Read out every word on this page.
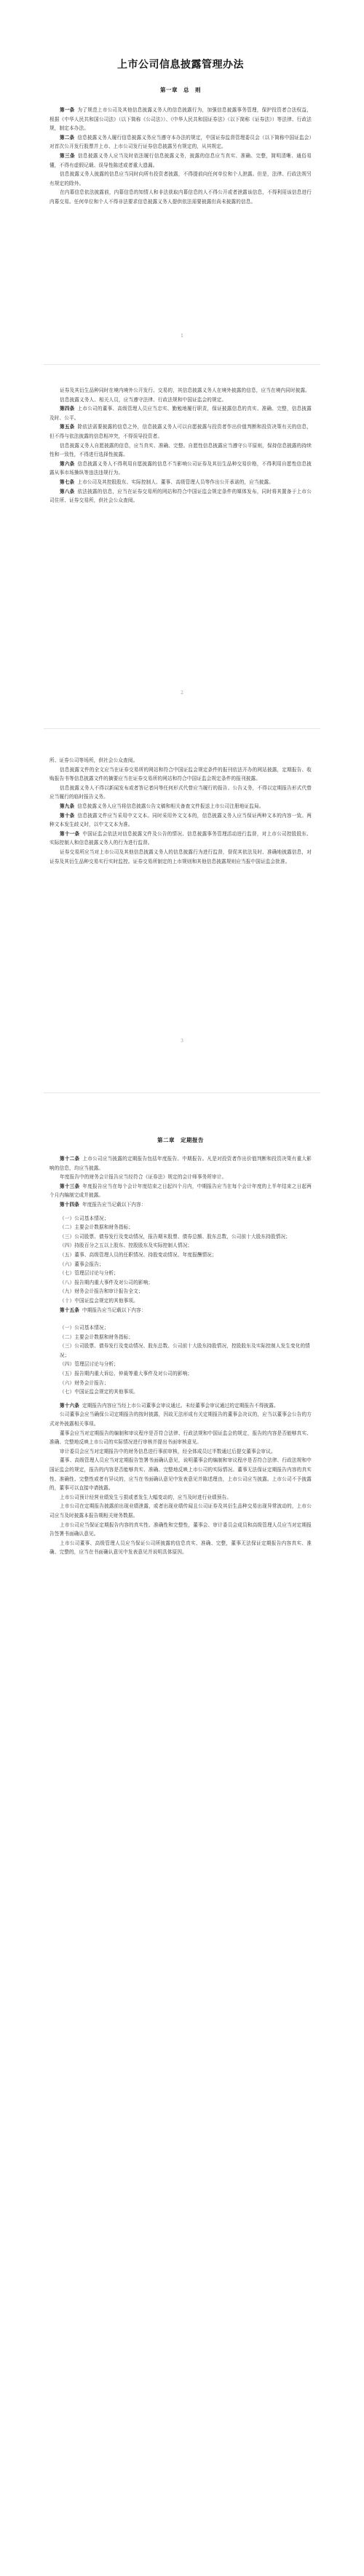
上市公司信息披露管理办法
第一章　总　则

第一条 为了规范上市公司及其他信息披露义务人的信息披露行为，加强信息披露事务管理，保护投资者合法权益，根据《中华人民共和国公司法》（以下简称《公司法》）、《中华人民共和国证券法》（以下简称《证券法》）等法律、行政法规，制定本办法。

第二条 信息披露义务人履行信息披露义务应当遵守本办法的规定，中国证券监督管理委员会（以下简称中国证监会）对首次公开发行股票并上市、上市公司发行证券信息披露另有规定的，从其规定。

第三条 信息披露义务人应当及时依法履行信息披露义务，披露的信息应当真实、准确、完整，简明清晰、通俗易懂，不得有虚假记载、误导性陈述或者重大遗漏。

信息披露义务人披露的信息应当同时向所有投资者披露，不得提前向任何单位和个人泄露。但是，法律、行政法规另有规定的除外。

在内幕信息依法披露前，内幕信息的知情人和非法获取内幕信息的人不得公开或者泄露该信息，不得利用该信息进行内幕交易。任何单位和个人不得非法要求信息披露义务人提供依法需要披露但尚未披露的信息。

1

证券及其衍生品种同时在境内境外公开发行、交易的，其信息披露义务人在境外披露的信息，应当在境内同时披露。

信息披露义务人、相关人员，应当遵守法律、行政法规和中国证监会的规定。

第四条 上市公司的董事、高级管理人员应当忠实、勤勉地履行职责，保证披露信息的真实、准确、完整，信息披露及时、公平。

第五条 除依法需要披露的信息之外，信息披露义务人可以自愿披露与投资者作出价值判断和投资决策有关的信息，但不得与依法披露的信息相冲突，不得误导投资者。

信息披露义务人自愿披露的信息，应当真实、准确、完整。自愿性信息披露应当遵守公平原则，保持信息披露的持续性和一致性，不得进行选择性披露。

第六条 信息披露义务人不得利用自愿披露的信息不当影响公司证券及其衍生品种交易价格，不得利用自愿性信息披露从事市场操纵等违法违规行为。

第七条 上市公司及其控股股东、实际控制人、董事、高级管理人员等作出公开承诺的，应当披露。

第八条 依法披露的信息，应当在证券交易所的网站和符合中国证监会规定条件的媒体发布，同时将其置备于上市公司住所、证券交易所，供社会公众查阅。

2

所、证券公司等场所，供社会公众查阅。

信息披露文件的全文应当在证券交易所的网站和符合中国证监会规定条件的报刊依法开办的网站披露，定期报告、收购报告书等信息披露文件的摘要应当在证券交易所的网站和符合中国证监会规定条件的报刊披露。

信息披露义务人不得以新闻发布或者答记者问等任何形式代替应当履行的报告、公告义务，不得以定期报告形式代替应当履行的临时报告义务。

第九条 信息披露义务人应当将信息披露公告文稿和相关备查文件报送上市公司注册地证监局。

第十条 信息披露文件应当采用中文文本。同时采用外文文本的，信息披露义务人应当保证两种文本的内容一致。两种文本发生歧义时，以中文文本为准。

第十一条 中国证监会依法对信息披露文件及公告的情况、信息披露事务管理活动进行监督，对上市公司控股股东、实际控制人和信息披露义务人的行为进行监督。

证券交易所应当对上市公司及其他信息披露义务人的信息披露行为进行监督，督促其依法及时、准确地披露信息，对证券及其衍生品种交易实行实时监控。证券交易所制定的上市规则和其他信息披露规则应当报中国证监会批准。

3
第二章　定期报告

第十二条 上市公司应当披露的定期报告包括年度报告、中期报告。凡是对投资者作出价值判断和投资决策有重大影响的信息，均应当披露。

年度报告中的财务会计报告应当经符合《证券法》规定的会计师事务所审计。

第十三条 年度报告应当在每个会计年度结束之日起四个月内，中期报告应当在每个会计年度的上半年结束之日起两个月内编制完成并披露。

第十四条 年度报告应当记载以下内容：

（一）公司基本情况；

（二）主要会计数据和财务指标；

（三）公司股票、债券发行及变动情况，报告期末股票、债券总额、股东总数，公司前十大股东持股情况；

（四）持股百分之五以上股东、控股股东及实际控制人情况；

（五）董事、高级管理人员的任职情况、持股变动情况、年度报酬情况；

（六）董事会报告；

（七）管理层讨论与分析；

（八）报告期内重大事件及对公司的影响；

（九）财务会计报告和审计报告全文；

（十）中国证监会规定的其他事项。

第十五条 中期报告应当记载以下内容：

（一）公司基本情况；

（二）主要会计数据和财务指标；

（三）公司股票、债券发行及变动情况、股东总数、公司前十大股东持股情况，控股股东及实际控制人发生变化的情况；

（四）管理层讨论与分析；

（五）报告期内重大诉讼、仲裁等重大事件及对公司的影响；

（六）财务会计报告；

（七）中国证监会规定的其他事项。

第十六条 定期报告内容应当经上市公司董事会审议通过。未经董事会审议通过的定期报告不得披露。

公司董事会应当确保公司定期报告的按时披露，因故无法形成有关定期报告的董事会决议的，应当以董事会公告的方式对外披露相关事项。

董事会应当对定期报告的编制和审议程序是否符合法律、行政法规和中国证监会的规定，报告的内容是否能够真实、准确、完整地反映上市公司的实际情况进行审核并提出书面审核意见。

审计委员会应当对定期报告中的财务信息进行事前审核，经全体成员过半数通过后提交董事会审议。

董事、高级管理人员应当对定期报告签署书面确认意见，说明董事会的编制和审议程序是否符合法律、行政法规和中国证监会的规定，报告的内容是否能够真实、准确、完整地反映上市公司的实际情况。董事无法保证定期报告内容的真实性、准确性、完整性或者有异议的，应当在书面确认意见中发表意见并陈述理由，上市公司应当披露。上市公司不予披露的，董事可以直接申请披露。

上市公司预计经营业绩发生亏损或者发生大幅变动的，应当及时进行业绩预告。

上市公司在定期报告披露前出现业绩泄露，或者出现业绩传闻且公司证券及其衍生品种交易出现异常波动的，上市公司应当及时披露本报告期相关财务数据。

上市公司应当保证定期报告内容的真实性、准确性和完整性，董事会、审计委员会成员和高级管理人员应当对定期报告签署书面确认意见。

上市公司董事、高级管理人员应当保证公司所披露的信息真实、准确、完整，董事无法保证定期报告内容真实、准确、完整的，应当在书面确认意见中发表意见并说明具体原因。
